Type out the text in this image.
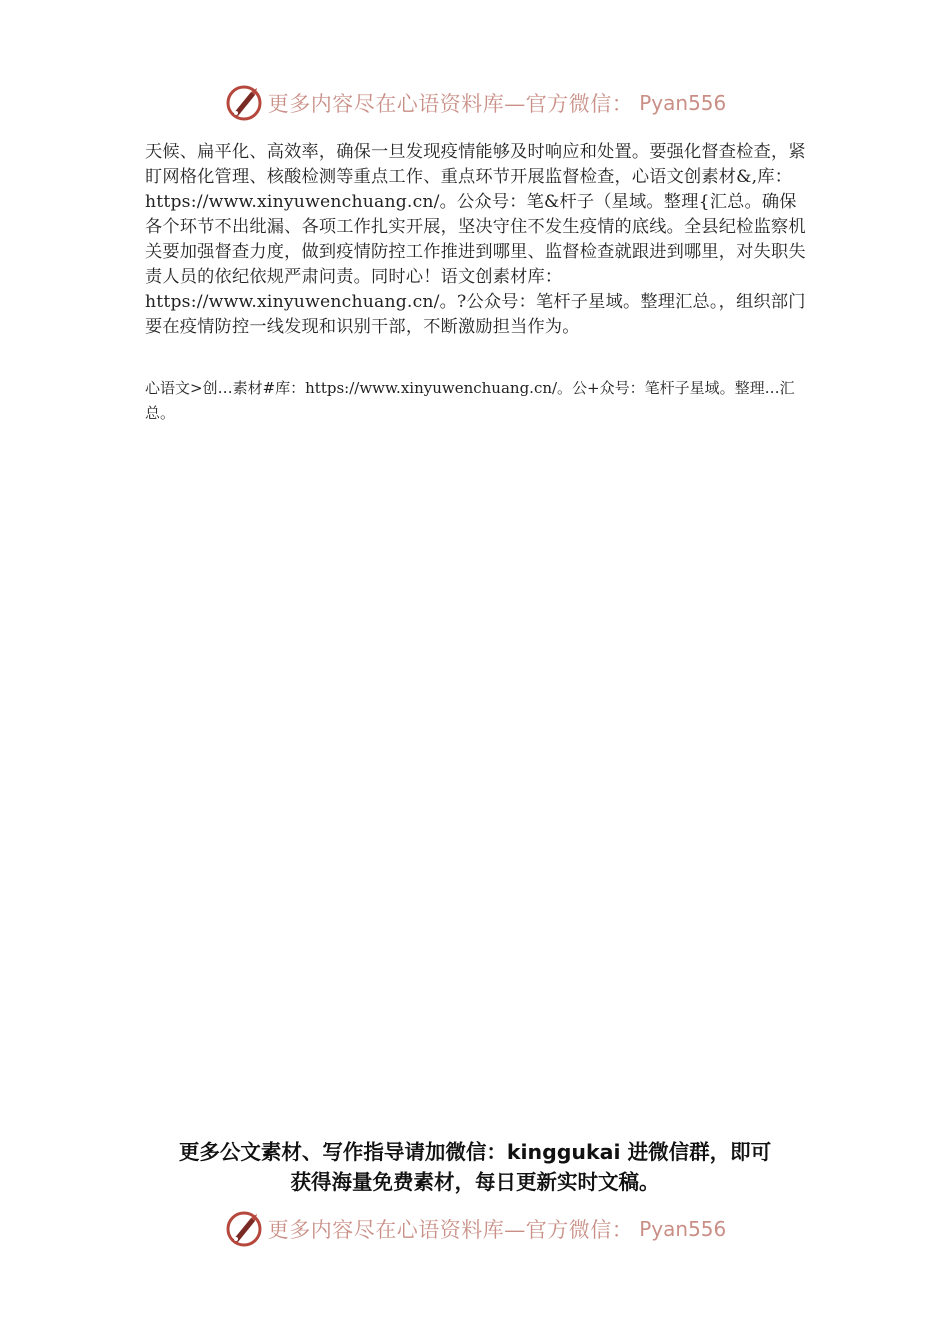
更多内容尽在心语资料库—官方微信： Pyan556

天候、扁平化、高效率，确保一旦发现疫情能够及时响应和处置。要强化督查检查，紧盯网格化管理、核酸检测等重点工作、重点环节开展监督检查，心语文创素材&,库：https://www.xinyuwenchuang.cn/。公众号：笔&杆子（星域。整理{汇总。确保各个环节不出纰漏、各项工作扎实开展，坚决守住不发生疫情的底线。全县纪检监察机关要加强督查力度，做到疫情防控工作推进到哪里、监督检查就跟进到哪里，对失职失责人员的依纪依规严肃问责。同时心！语文创素材库：https://www.xinyuwenchuang.cn/。?公众号：笔杆子星域。整理汇总。，组织部门要在疫情防控一线发现和识别干部，不断激励担当作为。

心语文>创…素材#库：https://www.xinyuwenchuang.cn/。公+众号：笔杆子星域。整理…汇总。

更多公文素材、写作指导请加微信：kinggukai 进微信群，即可
获得海量免费素材，每日更新实时文稿。
更多内容尽在心语资料库—官方微信： Pyan556
